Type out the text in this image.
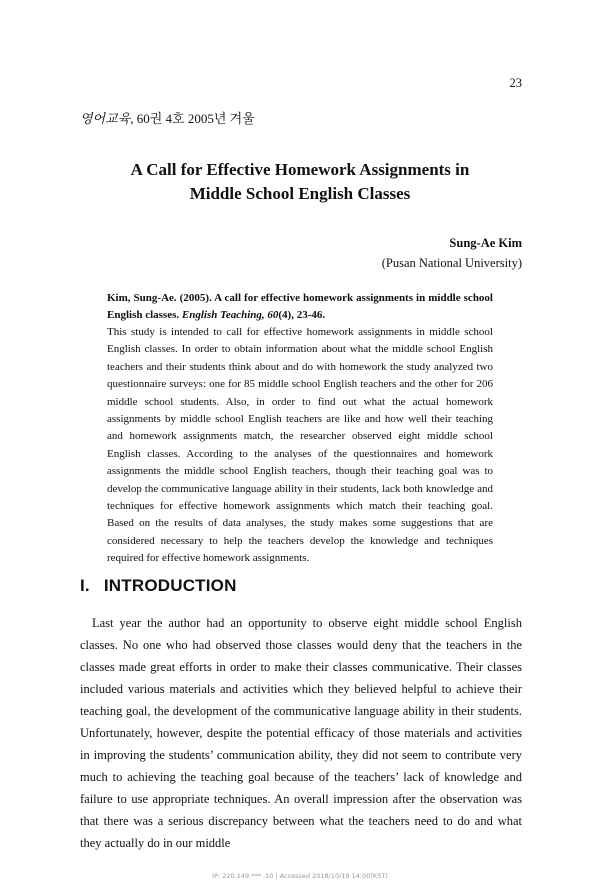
23
영어교육, 60권 4호 2005년 겨울
A Call for Effective Homework Assignments in
Middle School English Classes
Sung-Ae Kim
(Pusan National University)
Kim, Sung-Ae. (2005). A call for effective homework assignments in middle school English classes. English Teaching, 60(4), 23-46.
This study is intended to call for effective homework assignments in middle school English classes. In order to obtain information about what the middle school English teachers and their students think about and do with homework the study analyzed two questionnaire surveys: one for 85 middle school English teachers and the other for 206 middle school students. Also, in order to find out what the actual homework assignments by middle school English teachers are like and how well their teaching and homework assignments match, the researcher observed eight middle school English classes. According to the analyses of the questionnaires and homework assignments the middle school English teachers, though their teaching goal was to develop the communicative language ability in their students, lack both knowledge and techniques for effective homework assignments which match their teaching goal. Based on the results of data analyses, the study makes some suggestions that are considered necessary to help the teachers develop the knowledge and techniques required for effective homework assignments.
I. INTRODUCTION

Last year the author had an opportunity to observe eight middle school English classes. No one who had observed those classes would deny that the teachers in the classes made great efforts in order to make their classes communicative. Their classes included various materials and activities which they believed helpful to achieve their teaching goal, the development of the communicative language ability in their students. Unfortunately, however, despite the potential efficacy of those materials and activities in improving the students’ communication ability, they did not seem to contribute very much to achieving the teaching goal because of the teachers’ lack of knowledge and failure to use appropriate techniques. An overall impression after the observation was that there was a serious discrepancy between what the teachers need to do and what they actually do in our middle

IP: 220.149.*** .10 | Accessed 2018/10/19 14:00(KST)
